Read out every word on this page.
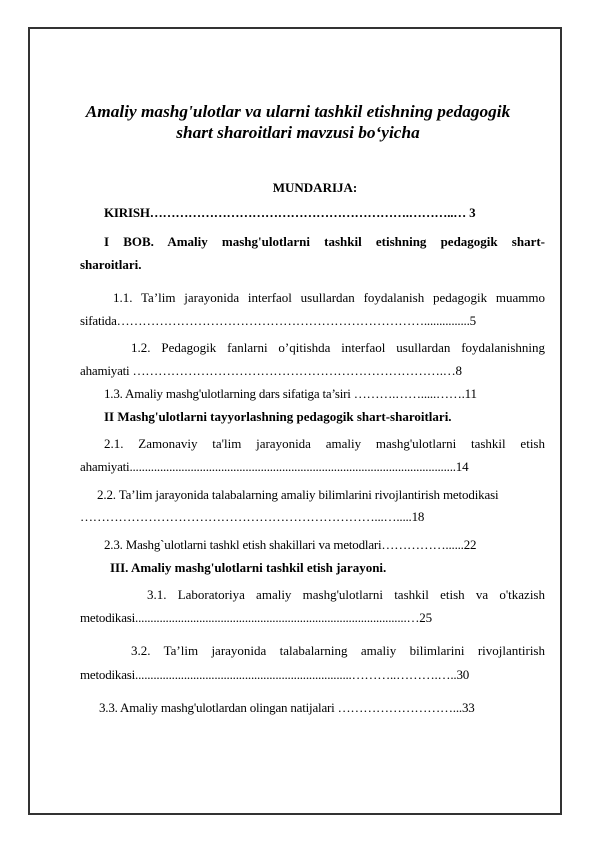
Amaliy mashg'ulotlar va ularni tashkil etishning pedagogik
shart sharoitlari mavzusi bo‘yicha
MUNDARIJA:
KIRISH…………………………………………………….………..… 3
I BOB. Amaliy mashg'ulotlarni tashkil etishning pedagogik shart-
sharoitlari.
1.1. Ta’lim jarayonida interfaol usullardan foydalanish pedagogik muammo
sifatida………………………………………………………………...............5
1.2. Pedagogik fanlarni o’qitishda interfaol usullardan foydalanishning
ahamiyati ……………………………………………………………….…8
1.3. Amaliy mashg'ulotlarning dars sifatiga ta’siri ……….…….....…….11
II Mashg'ulotlarni tayyorlashning pedagogik shart-sharoitlari.
2.1. Zamonaviy ta'lim jarayonida amaliy mashg'ulotlarni tashkil etish
ahamiyati...........................................................................................................14
2.2. Ta’lim jarayonida talabalarning amaliy bilimlarini rivojlantirish metodikasi
……………………………………………………………...….....18
2.3. Mashg`ulotlarni tashkl etish shakillari va metodlari……………......22
III. Amaliy mashg'ulotlarni tashkil etish jarayoni.
3.1. Laboratoriya amaliy mashg'ulotlarni tashkil etish va o'tkazish
metodikasi.........................................................................................…25
3.2. Ta’lim jarayonida talabalarning amaliy bilimlarini rivojlantirish
metodikasi.......................................................................………..……….…..30
3.3. Amaliy mashg'ulotlardan olingan natijalari ………………………...33
